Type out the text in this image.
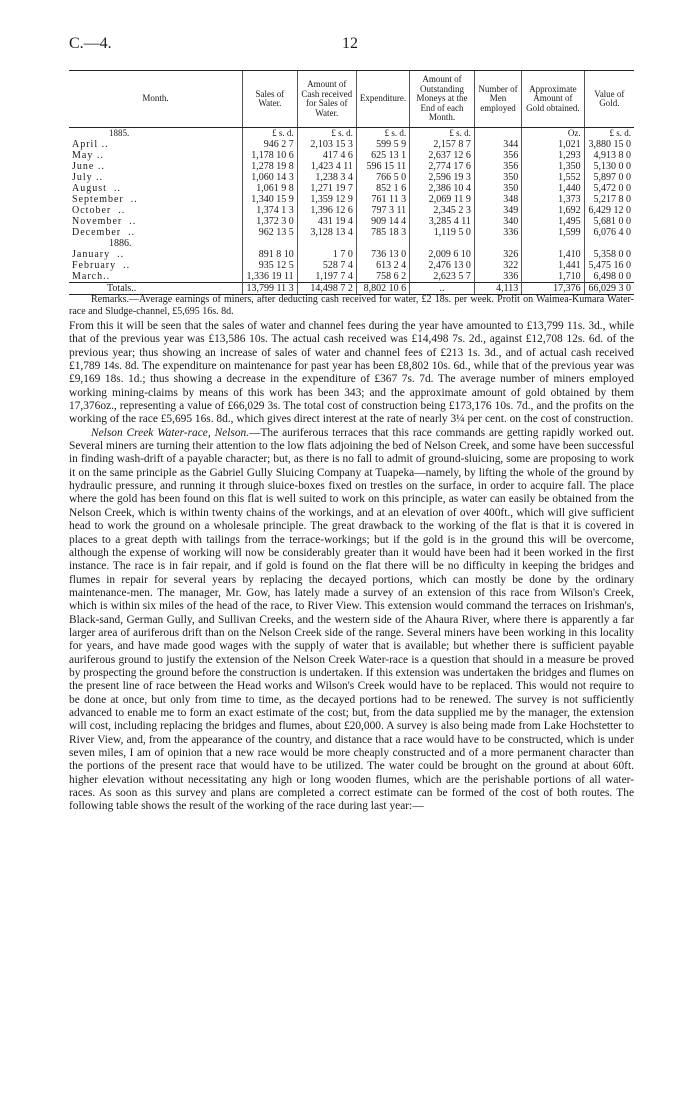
C.—4.	12
Month.	Sales of Water.	Amount of Cash received for Sales of Water.	Expenditure.	Amount of Outstanding Moneys at the End of each Month.	Number of Men employed	Approximate Amount of Gold obtained.	Value of Gold.
1885.	£ s. d.	£ s. d.	£ s. d.	£ s. d.		Oz.	£ s. d.
April ..	946 2 7	2,103 15 3	599 5 9	2,157 8 7	344	1,021	3,880 15 0
May ..	1,178 10 6	417 4 6	625 13 1	2,637 12 6	356	1,293	4,913 8 0
June ..	1,278 19 8	1,423 4 11	596 15 11	2,774 17 6	356	1,350	5,130 0 0
July ..	1,060 14 3	1,238 3 4	766 5 0	2,596 19 3	350	1,552	5,897 0 0
August  ..	1,061 9 8	1,271 19 7	852 1 6	2,386 10 4	350	1,440	5,472 0 0
September  ..	1,340 15 9	1,359 12 9	761 11 3	2,069 11 9	348	1,373	5,217 8 0
October  ..	1,374 1 3	1,396 12 6	797 3 11	2,345 2 3	349	1,692	6,429 12 0
November  ..	1,372 3 0	431 19 4	909 14 4	3,285 4 11	340	1,495	5,681 0 0
December  ..	962 13 5	3,128 13 4	785 18 3	1,119 5 0	336	1,599	6,076 4 0
1886.							
January  ..	891 8 10	1 7 0	736 13 0	2,009 6 10	326	1,410	5,358 0 0
February  ..	935 12 5	528 7 4	613 2 4	2,476 13 0	322	1,441	5,475 16 0
March..	1,336 19 11	1,197 7 4	758 6 2	2,623 5 7	336	1,710	6,498 0 0
Totals..	13,799 11 3	14,498 7 2	8,802 10 6	..	4,113	17,376	66,029 3 0

Remarks.—Average earnings of miners, after deducting cash received for water, £2 18s. per week. Profit on Waimea-Kumara Water-race and Sludge-channel, £5,695 16s. 8d.

From this it will be seen that the sales of water and channel fees during the year have amounted to £13,799 11s. 3d., while that of the previous year was £13,586 10s. The actual cash received was £14,498 7s. 2d., against £12,708 12s. 6d. of the previous year; thus showing an increase of sales of water and channel fees of £213 1s. 3d., and of actual cash received £1,789 14s. 8d. The expenditure on maintenance for past year has been £8,802 10s. 6d., while that of the previous year was £9,169 18s. 1d.; thus showing a decrease in the expenditure of £367 7s. 7d. The average number of miners employed working mining-claims by means of this work has been 343; and the approximate amount of gold obtained by them 17,376oz., representing a value of £66,029 3s. The total cost of construction being £173,176 10s. 7d., and the profits on the working of the race £5,695 16s. 8d., which gives direct interest at the rate of nearly 3¼ per cent. on the cost of construction.

Nelson Creek Water-race, Nelson.—The auriferous terraces that this race commands are getting rapidly worked out. Several miners are turning their attention to the low flats adjoining the bed of Nelson Creek, and some have been successful in finding wash-drift of a payable character; but, as there is no fall to admit of ground-sluicing, some are proposing to work it on the same principle as the Gabriel Gully Sluicing Company at Tuapeka—namely, by lifting the whole of the ground by hydraulic pressure, and running it through sluice-boxes fixed on trestles on the surface, in order to acquire fall. The place where the gold has been found on this flat is well suited to work on this principle, as water can easily be obtained from the Nelson Creek, which is within twenty chains of the workings, and at an elevation of over 400ft., which will give sufficient head to work the ground on a wholesale principle. The great drawback to the working of the flat is that it is covered in places to a great depth with tailings from the terrace-workings; but if the gold is in the ground this will be overcome, although the expense of working will now be considerably greater than it would have been had it been worked in the first instance. The race is in fair repair, and if gold is found on the flat there will be no difficulty in keeping the bridges and flumes in repair for several years by replacing the decayed portions, which can mostly be done by the ordinary maintenance-men. The manager, Mr. Gow, has lately made a survey of an extension of this race from Wilson's Creek, which is within six miles of the head of the race, to River View. This extension would command the terraces on Irishman's, Black-sand, German Gully, and Sullivan Creeks, and the western side of the Ahaura River, where there is apparently a far larger area of auriferous drift than on the Nelson Creek side of the range. Several miners have been working in this locality for years, and have made good wages with the supply of water that is available; but whether there is sufficient payable auriferous ground to justify the extension of the Nelson Creek Water-race is a question that should in a measure be proved by prospecting the ground before the construction is undertaken. If this extension was undertaken the bridges and flumes on the present line of race between the Head works and Wilson's Creek would have to be replaced. This would not require to be done at once, but only from time to time, as the decayed portions had to be renewed. The survey is not sufficiently advanced to enable me to form an exact estimate of the cost; but, from the data supplied me by the manager, the extension will cost, including replacing the bridges and flumes, about £20,000. A survey is also being made from Lake Hochstetter to River View, and, from the appearance of the country, and distance that a race would have to be constructed, which is under seven miles, I am of opinion that a new race would be more cheaply constructed and of a more permanent character than the portions of the present race that would have to be utilized. The water could be brought on the ground at about 60ft. higher elevation without necessitating any high or long wooden flumes, which are the perishable portions of all water-races. As soon as this survey and plans are completed a correct estimate can be formed of the cost of both routes. The following table shows the result of the working of the race during last year:—
